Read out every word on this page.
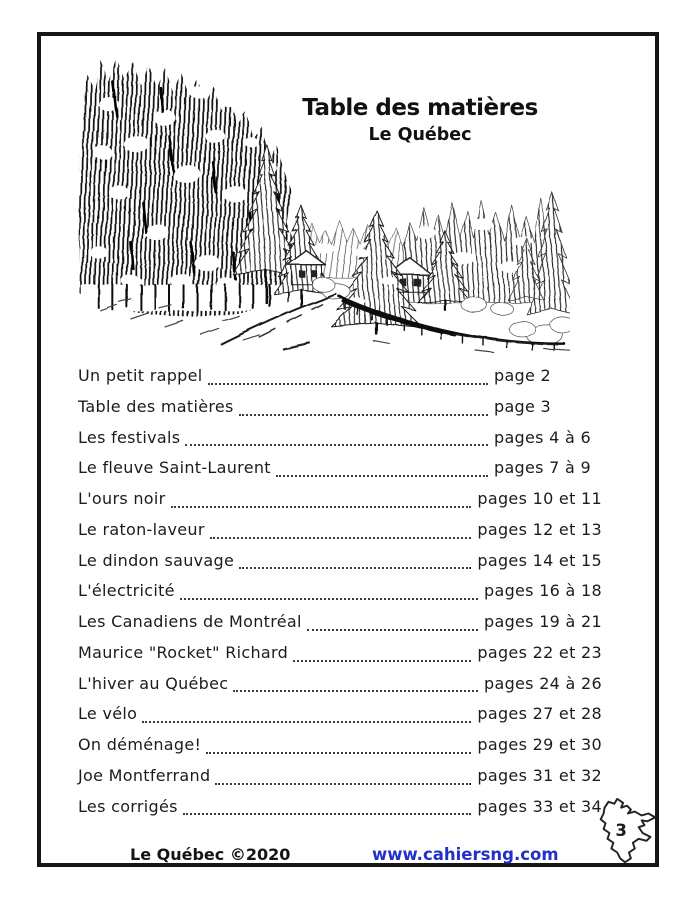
Table des matières
Le Québec
Un petit rappel	page 2
Table des matières	page 3
Les festivals	pages 4 à 6
Le fleuve Saint-Laurent	pages 7 à 9
L'ours noir	pages 10 et 11
Le raton-laveur	pages 12 et 13
Le dindon sauvage	pages 14 et 15
L'électricité	pages 16 à 18
Les Canadiens de Montréal	pages 19 à 21
Maurice "Rocket" Richard	pages 22 et 23
L'hiver au Québec	pages 24 à 26
Le vélo	pages 27 et 28
On déménage!	pages 29 et 30
Joe Montferrand	pages 31 et 32
Les corrigés	pages 33 et 34
Le Québec ©2020	www.cahiersng.com
3
